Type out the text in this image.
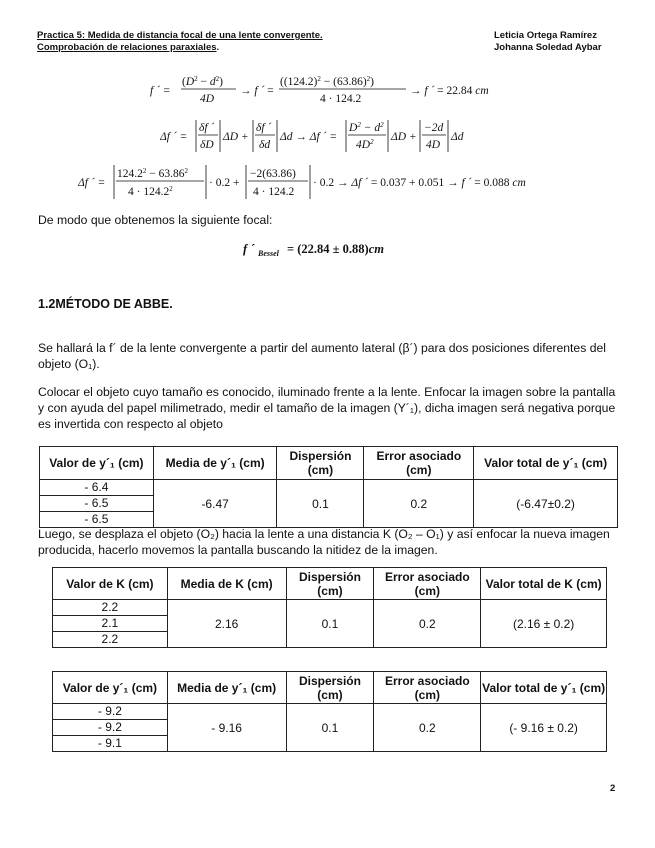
Practica 5: Medida de distancia focal de una lente convergente.
Comprobación de relaciones paraxiales.
Leticia Ortega Ramírez
Johanna Soledad Aybar
f ´ =
$(D^2 - d^2)$
4D
→ f ´ =
$((124.2)^2 - (63.86)^2)$
4 · 124.2
→ f ´ = 22.84 cm
Δf ´ =
δf ´
δD
ΔD +
δf ´
δd
Δd → Δf ´ =
$D^2 - d^2$
$4D^2$ ΔD +
−2d
4D
Δd
Δf ´ =
$124.2^2 - 63.86^2$
$4 \cdot 124.2^2$	· 0.2 +
−2(63.86)
4 · 124.2
· 0.2 → Δf ´ = 0.037 + 0.051 → f ´ = 0.088 cm
De modo que obtenemos la siguiente focal:
f ´ Bessel = (22.84 ± 0.88)cm
1.2MÉTODO DE ABBE.
Se hallará la f´ de la lente convergente a partir del aumento lateral (β´) para dos posiciones diferentes del objeto (O₁).
Colocar el objeto cuyo tamaño es conocido, iluminado frente a la lente. Enfocar la imagen sobre la pantalla y con ayuda del papel milimetrado, medir el tamaño de la imagen (Y´₁), dicha imagen será negativa porque es invertida con respecto al objeto
Valor de y´₁ (cm)	Media de y´₁ (cm)	Dispersión (cm)	Error asociado (cm)	Valor total de y´₁ (cm)
- 6.4	-6.47	0.1	0.2	(-6.47±0.2)
- 6.5				
- 6.5				
Luego, se desplaza el objeto (O₂) hacia la lente a una distancia K (O₂ – O₁) y así enfocar la nueva imagen producida, hacerlo movemos la pantalla buscando la nitidez de la imagen.
Valor de K (cm)	Media de K (cm)	Dispersión (cm)	Error asociado (cm)	Valor total de K (cm)
2.2	2.16	0.1	0.2	(2.16 ± 0.2)
2.1				
2.2				
Valor de y´₁ (cm)	Media de y´₁ (cm)	Dispersión (cm)	Error asociado (cm)	Valor total de y´₁ (cm)
- 9.2	- 9.16	0.1	0.2	(- 9.16 ± 0.2)
- 9.2				
- 9.1				
2
